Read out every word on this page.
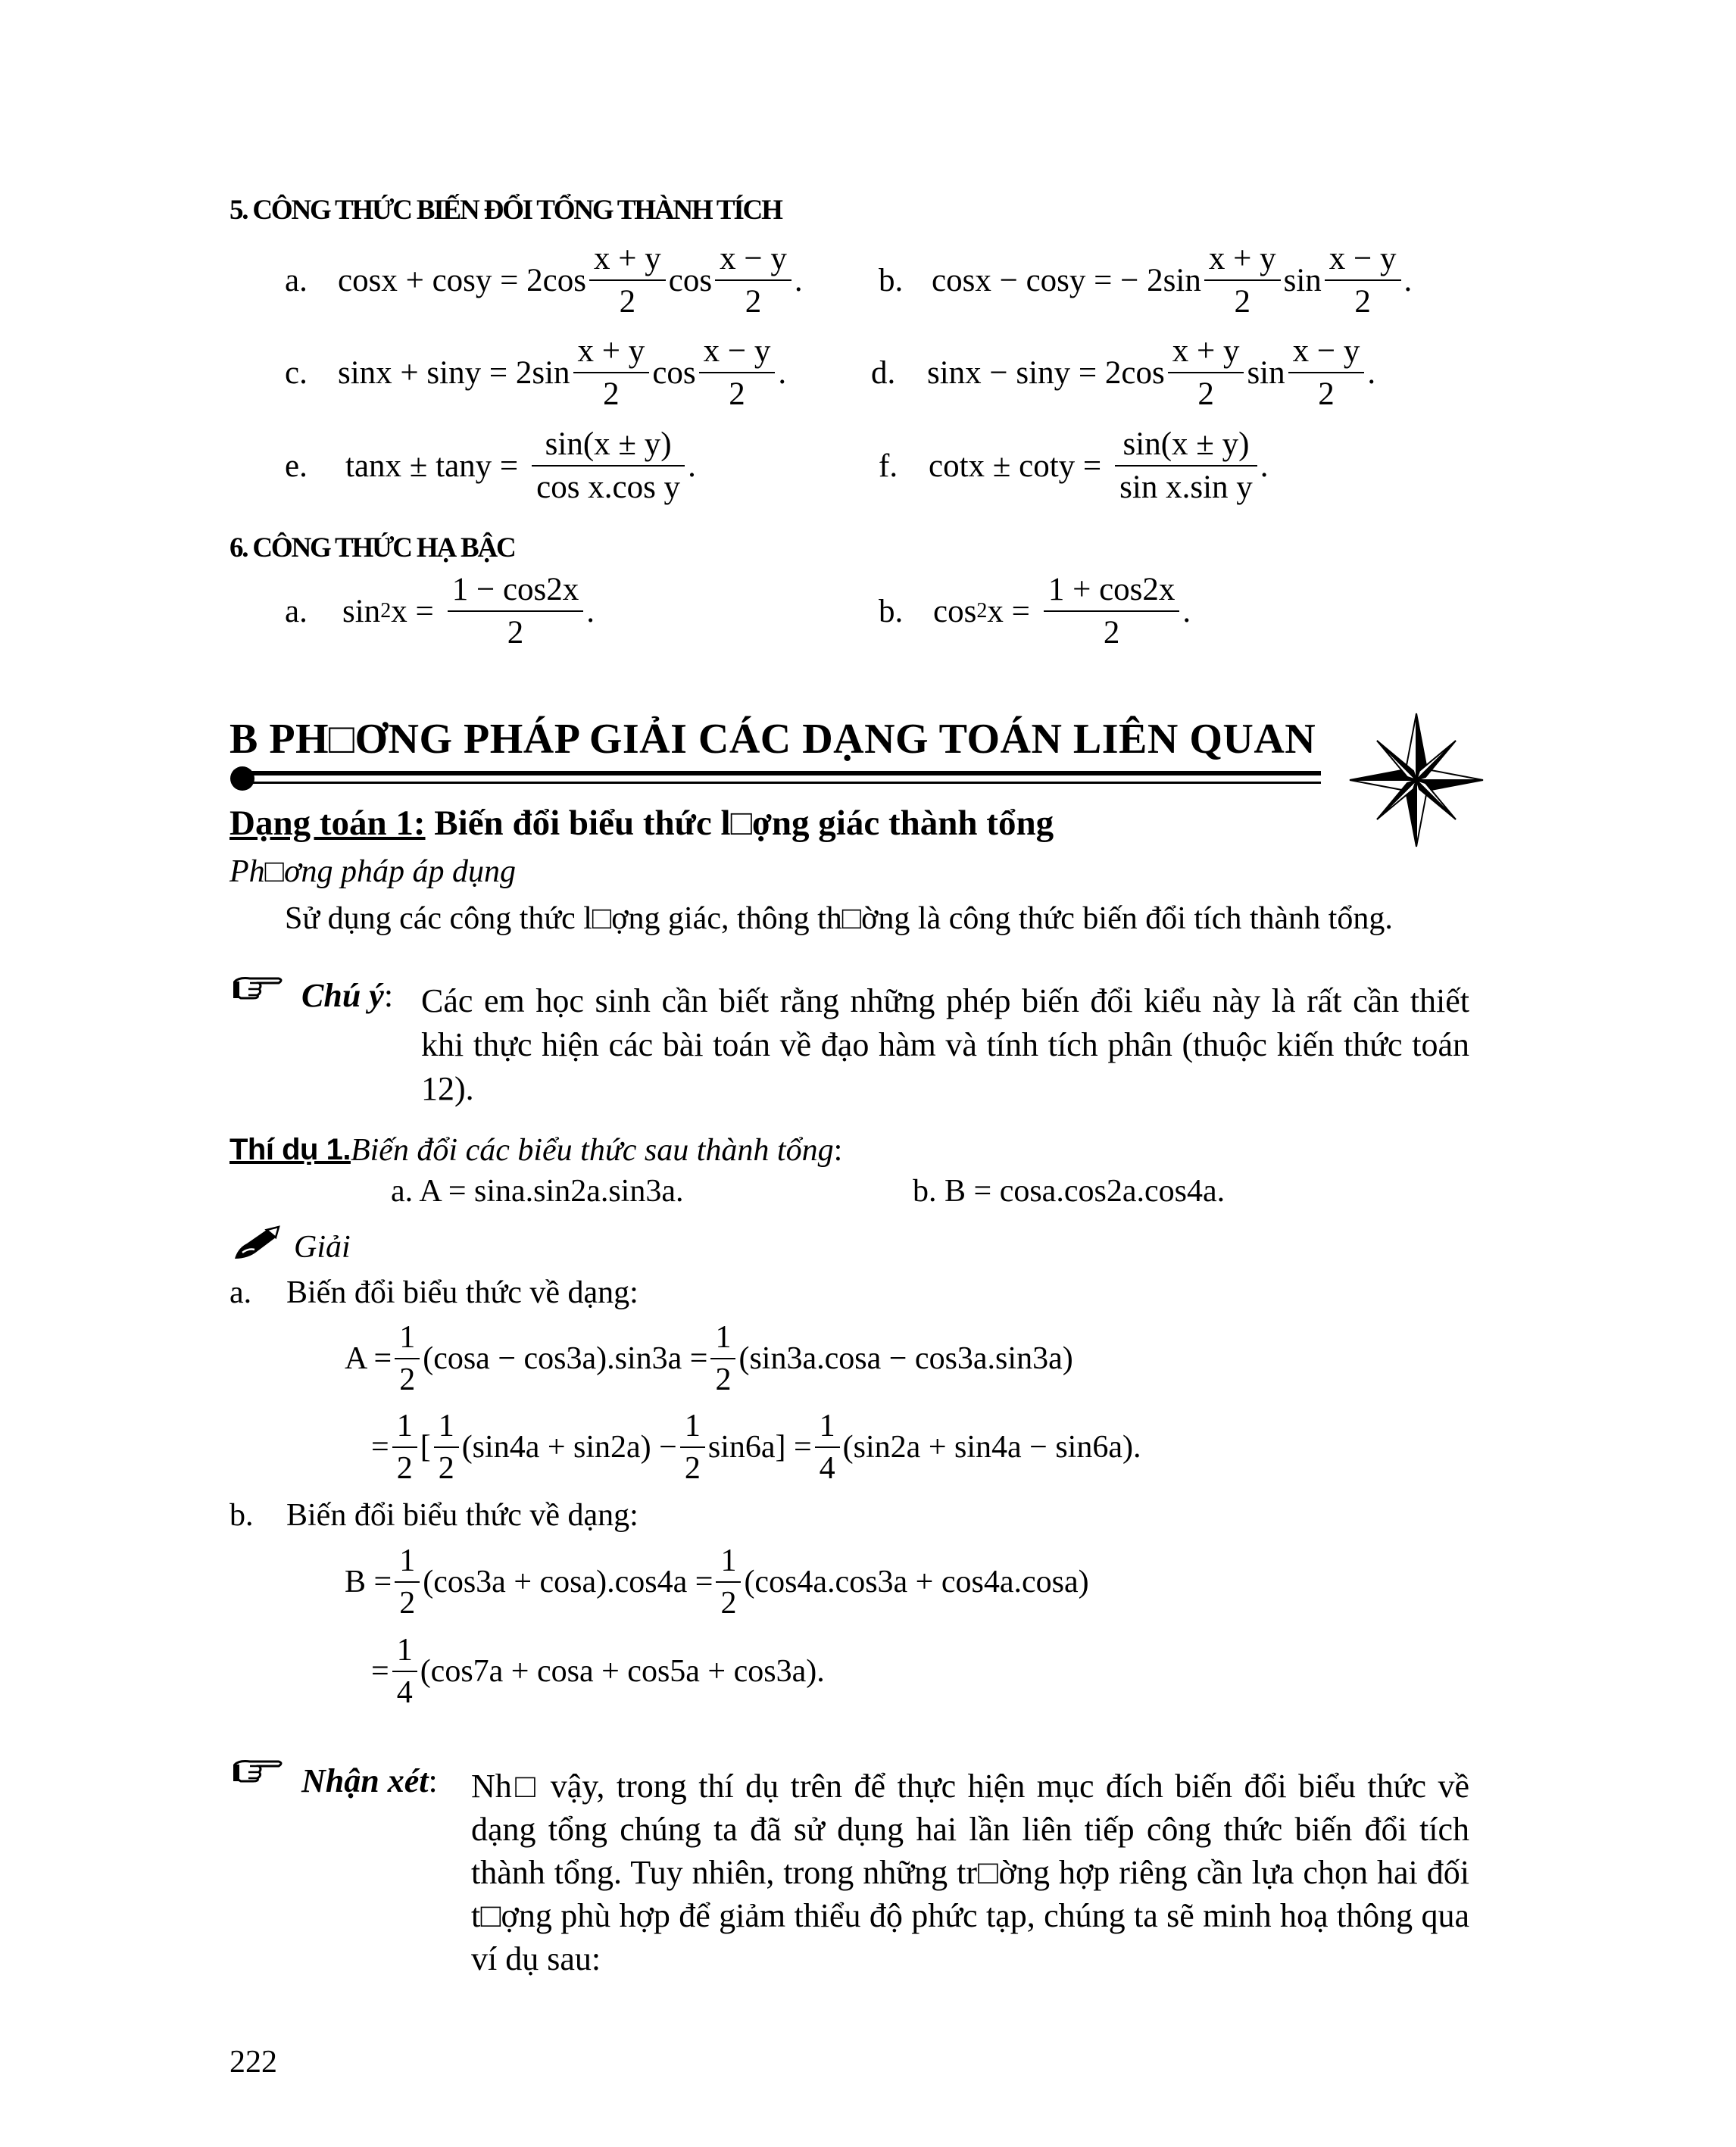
5. CÔNG THỨC BIẾN ĐỔI TỔNG THÀNH TÍCH
a. $\cos x + \cos y = 2\cos \frac{x + y}{2}$ $\cos \frac{x - y}{2}$ . b. cosx − cosy = − $2\sin \frac{x + y}{2}$ $\sin \frac{x - y}{2}$ .
c. $\sin x + \sin y = 2\sin \frac{x + y}{2}$ $\cos \frac{x - y}{2}$ .	d. $\sin x - \sin y = 2\cos \frac{x + y}{2}$ $\sin \frac{x - y}{2}$ .
e.	$\tan x \pm \tan y = \frac{\sin(x \pm y)}{\text{cos x.cos y}}$ .	f. $\cot x \pm \cot y = \frac{\sin(x \pm y)}{\text{sin x.sin y}}$ .
6. CÔNG THỨC HẠ BẬC
a.	sin 2 $x = \frac{1 - \cos 2x}{2}$ .	b. cos 2 $x = \frac{1 + \cos 2x}{2}$ .
B PH□ƠNG PHÁP GIẢI CÁC DẠNG TOÁN LIÊN QUAN
Dạng toán 1: Biến đổi biểu thức l□ợng giác thành tổng
Ph□ơng pháp áp dụng
Sử dụng các công thức l□ợng giác, thông th□ờng là công thức biến đổi tích thành tổng.
Chú ý: Các em học sinh cần biết rằng những phép biến đổi kiểu này là rất cần thiết khi thực hiện các bài toán về đạo hàm và tính tích phân (thuộc kiến thức toán 12).
Thí dụ 1. Biến đổi các biểu thức sau thành tổng :
a. A = sina.sin2a.sin3a.	b. B = cosa.cos2a.cos4a.
Giải
a. Biến đổi biểu thức về dạng:
$A = \frac{1}{2} (\cos a - \cos 3a).\sin 3a = \frac{1}{2} (\sin 3a.\cos a - \cos 3a.\sin 3a)$
= $\frac{1}{2}$ [ $\frac{1}{2} (\sin 4a + \sin 2a) - \frac{1}{2} \sin 6a] = \frac{1}{4} (\sin 2a + \sin 4a - \sin 6a)$.
b. Biến đổi biểu thức về dạng:
$B = \frac{1}{2} (\cos 3a + \cos a).\cos 4a = \frac{1}{2} (\cos 4a.\cos 3a + \cos 4a.\cos a)$
= $\frac{1}{4} (\cos 7a + \cos a + \cos 5a + \cos 3a)$.
Nhận xét: Nh□ vậy, trong thí dụ trên để thực hiện mục đích biến đổi biểu thức về dạng tổng chúng ta đã sử dụng hai lần liên tiếp công thức biến đổi tích thành tổng. Tuy nhiên, trong những tr□ờng hợp riêng cần lựa chọn hai đối t□ợng phù hợp để giảm thiểu độ phức tạp, chúng ta sẽ minh hoạ thông qua ví dụ sau:
222
